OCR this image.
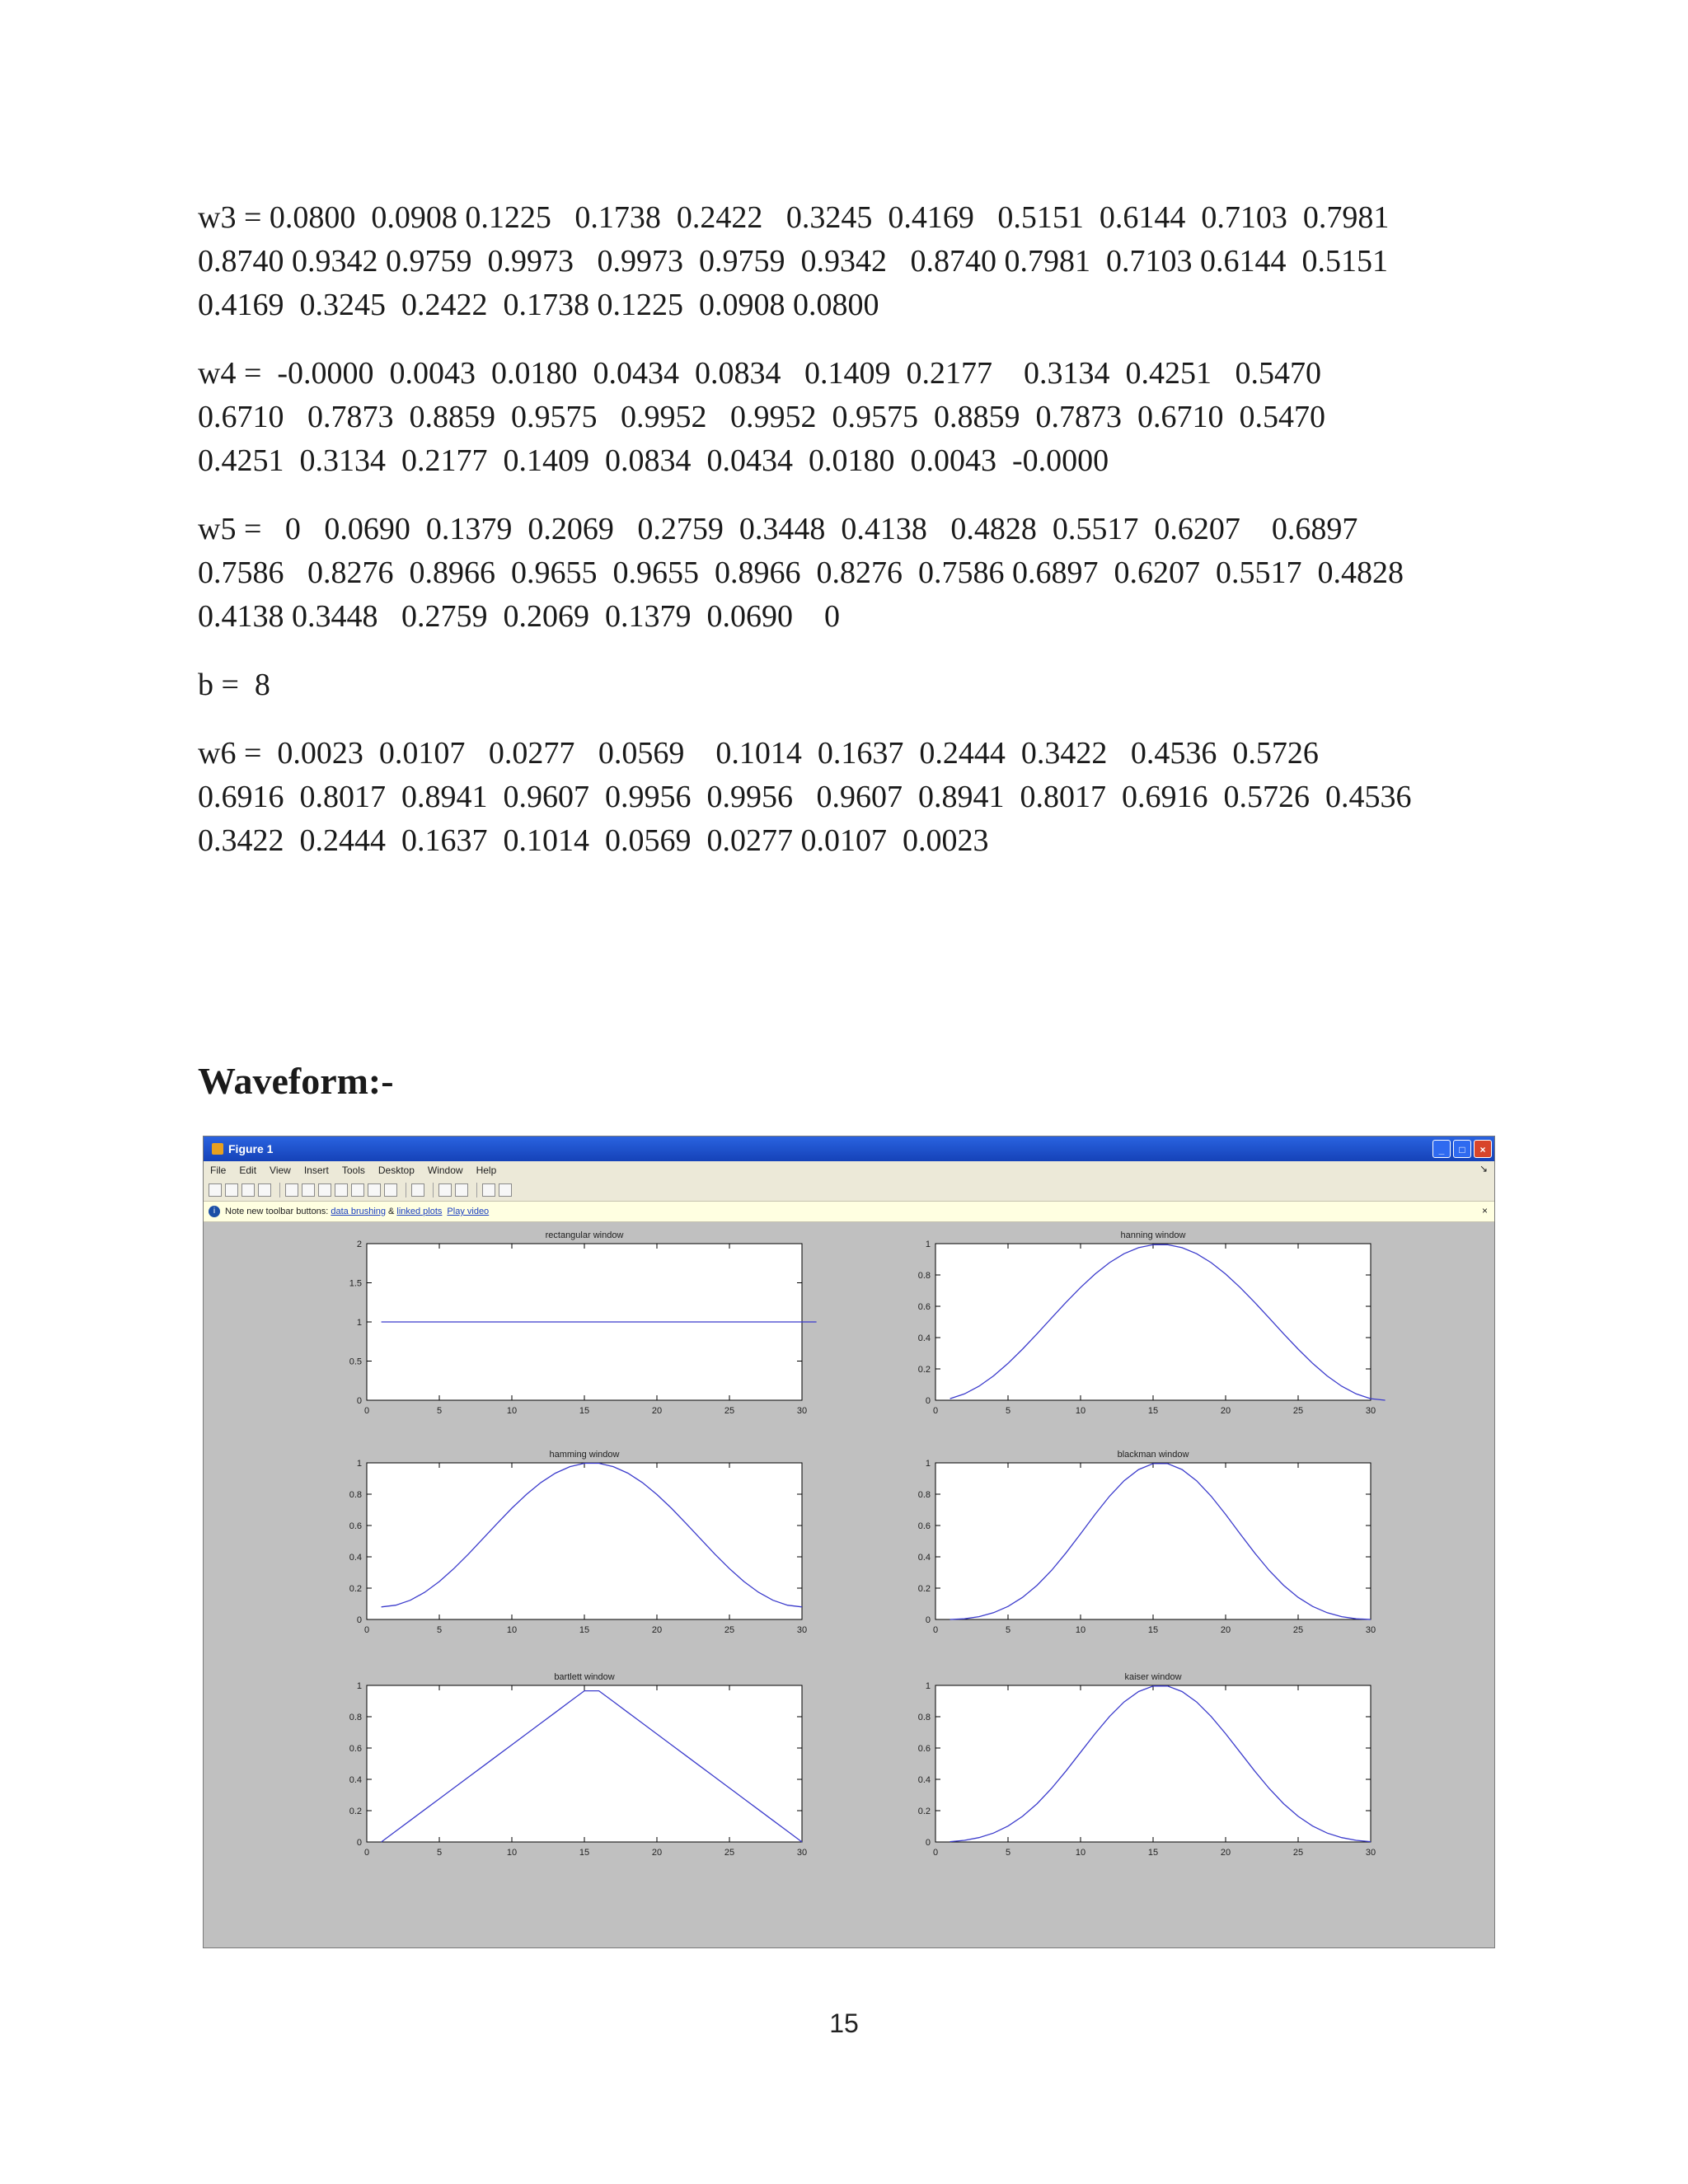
w3 = 0.0800  0.0908 0.1225   0.1738  0.2422   0.3245  0.4169   0.5151  0.6144  0.7103  0.7981
0.8740 0.9342 0.9759  0.9973   0.9973  0.9759  0.9342   0.8740 0.7981  0.7103 0.6144  0.5151
0.4169  0.3245  0.2422  0.1738 0.1225  0.0908 0.0800
w4 =  -0.0000  0.0043  0.0180  0.0434  0.0834   0.1409  0.2177    0.3134  0.4251   0.5470
0.6710   0.7873  0.8859  0.9575   0.9952   0.9952  0.9575  0.8859  0.7873  0.6710  0.5470
0.4251  0.3134  0.2177  0.1409  0.0834  0.0434  0.0180  0.0043  -0.0000
w5 =   0   0.0690  0.1379  0.2069   0.2759  0.3448  0.4138   0.4828  0.5517  0.6207    0.6897
0.7586   0.8276  0.8966  0.9655  0.9655  0.8966  0.8276  0.7586 0.6897  0.6207  0.5517  0.4828
0.4138 0.3448   0.2759  0.2069  0.1379  0.0690    0
b =  8
w6 =  0.0023  0.0107   0.0277   0.0569    0.1014  0.1637  0.2444  0.3422   0.4536  0.5726
0.6916  0.8017  0.8941  0.9607  0.9956  0.9956   0.9607  0.8941  0.8017  0.6916  0.5726  0.4536
0.3422  0.2444  0.1637  0.1014  0.0569  0.0277 0.0107  0.0023
Waveform:-
Figure 1	_	□	×
File Edit View Insert Tools Desktop Window Help	↘
i	Note new toolbar buttons: data brushing & linked plots Play video	×
rectangular window
0	5	10	15	20	25	30
0
0.5
1
1.5
2
hanning window
0	5	10	15	20	25	30
0
0.2
0.4
0.6
0.8
1
hamming window
0	5	10	15	20	25	30
0
0.2
0.4
0.6
0.8
1
blackman window
0	5	10	15	20	25	30
0
0.2
0.4
0.6
0.8
1
bartlett window
0	5	10	15	20	25	30
0
0.2
0.4
0.6
0.8
1
kaiser window
0	5	10	15	20	25	30
0
0.2
0.4
0.6
0.8
1
15
